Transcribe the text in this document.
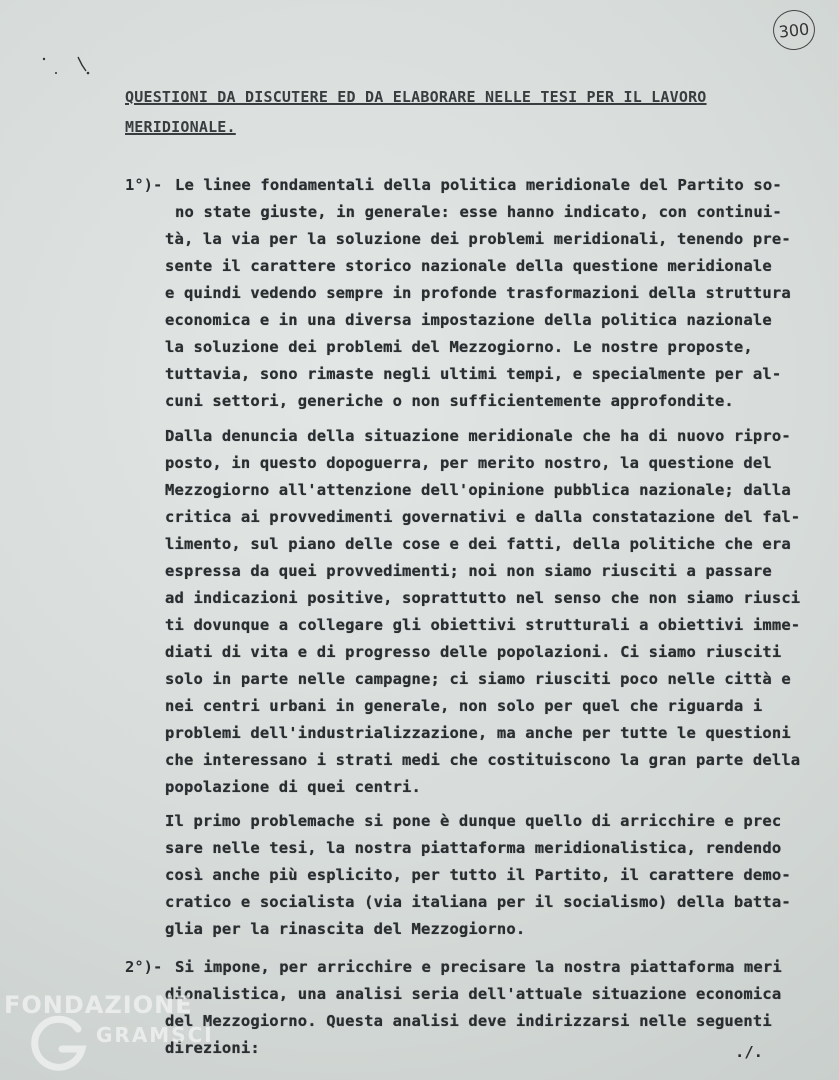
300
QUESTIONI DA DISCUTERE ED DA ELABORARE NELLE TESI PER IL LAVORO
MERIDIONALE.
1°)- Le linee fondamentali della politica meridionale del Partito so-
no state giuste, in generale: esse hanno indicato, con continui-
tà, la via per la soluzione dei problemi meridionali, tenendo pre-
sente il carattere storico nazionale della questione meridionale
e quindi vedendo sempre in profonde trasformazioni della struttura
economica e in una diversa impostazione della politica nazionale
la soluzione dei problemi del Mezzogiorno. Le nostre proposte,
tuttavia, sono rimaste negli ultimi tempi, e specialmente per al-
cuni settori, generiche o non sufficientemente approfondite.
Dalla denuncia della situazione meridionale che ha di nuovo ripro-
posto, in questo dopoguerra, per merito nostro, la questione del
Mezzogiorno all'attenzione dell'opinione pubblica nazionale; dalla
critica ai provvedimenti governativi e dalla constatazione del fal-
limento, sul piano delle cose e dei fatti, della politiche che era
espressa da quei provvedimenti; noi non siamo riusciti a passare
ad indicazioni positive, soprattutto nel senso che non siamo riusci
ti dovunque a collegare gli obiettivi strutturali a obiettivi imme-
diati di vita e di progresso delle popolazioni. Ci siamo riusciti
solo in parte nelle campagne; ci siamo riusciti poco nelle città e
nei centri urbani in generale, non solo per quel che riguarda i
problemi dell'industrializzazione, ma anche per tutte le questioni
che interessano i strati medi che costituiscono la gran parte della
popolazione di quei centri.
Il primo problemache si pone è dunque quello di arricchire e prec
sare nelle tesi, la nostra piattaforma meridionalistica, rendendo
così anche più esplicito, per tutto il Partito, il carattere demo-
cratico e socialista (via italiana per il socialismo) della batta-
glia per la rinascita del Mezzogiorno.
2°)- Si impone, per arricchire e precisare la nostra piattaforma meri
dionalistica, una analisi seria dell'attuale situazione economica
del Mezzogiorno. Questa analisi deve indirizzarsi nelle seguenti
direzioni:	./.
FONDAZIONE
GRAMSCI
